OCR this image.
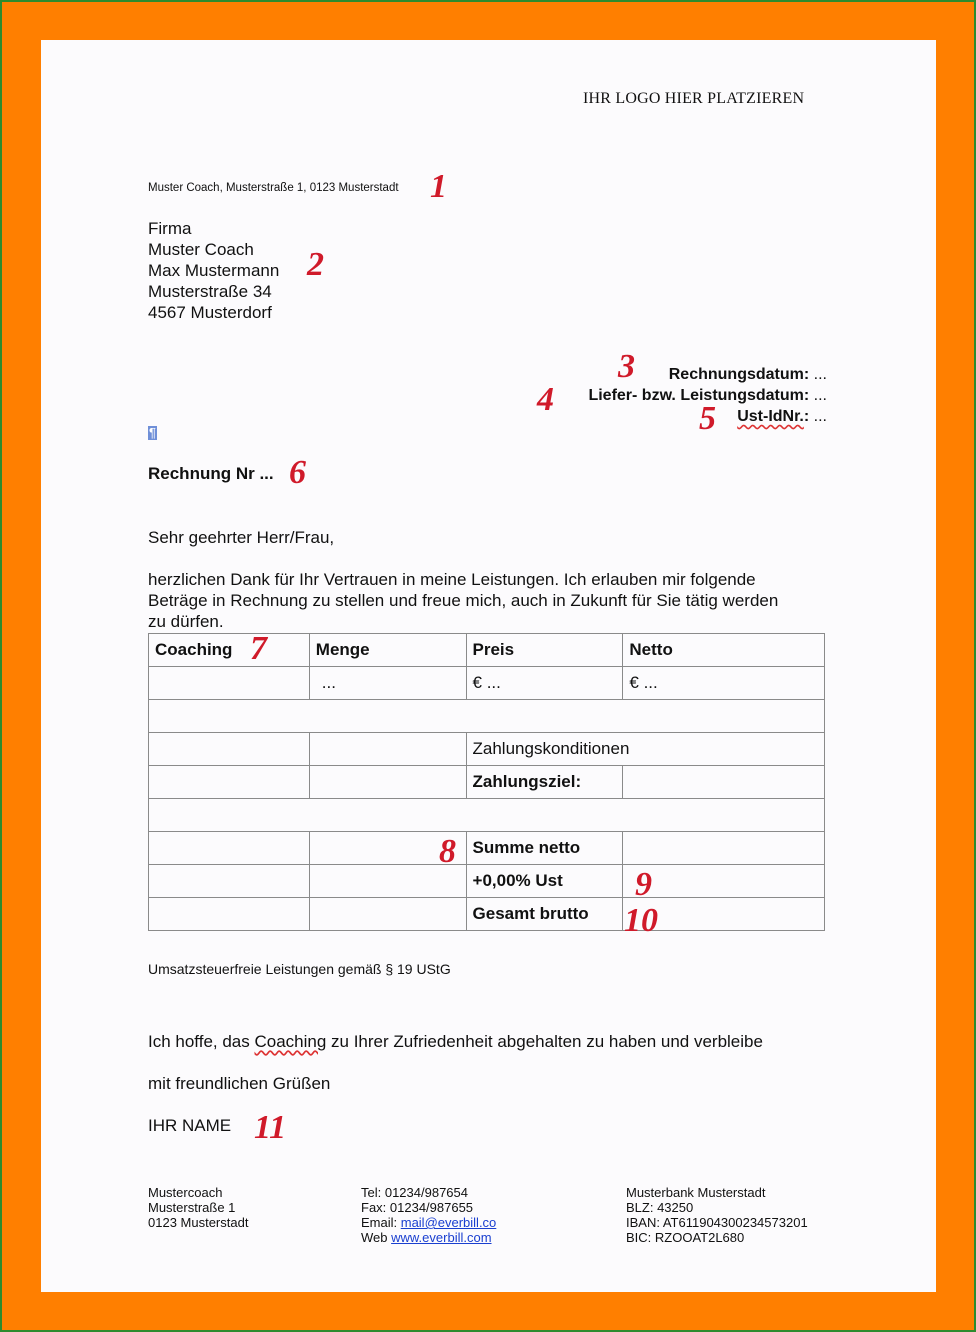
IHR LOGO HIER PLATZIEREN
Muster Coach, Musterstraße 1, 0123 Musterstadt 1
Firma
Muster Coach
Max Mustermann
Musterstraße 34
4567 Musterdorf
2
Rechnungsdatum: ...
3
Liefer- bzw. Leistungsdatum: ...
4	Ust-IdNr.: ...
5
¶
Rechnung Nr ... 6
Sehr geehrter Herr/Frau,
herzlichen Dank für Ihr Vertrauen in meine Leistungen. Ich erlauben mir folgende
Beträge in Rechnung zu stellen und freue mich, auch in Zukunft für Sie tätig werden
zu dürfen.
Coaching	Menge	Preis	Netto
	...	€ ...	€ ...

		Zahlungskonditionen	
		Zahlungsziel:	

		Summe netto	
		+0,00% Ust	
		Gesamt brutto	
7
8
9
10
Umsatzsteuerfreie Leistungen gemäß § 19 UStG
Ich hoffe, das Coaching zu Ihrer Zufriedenheit abgehalten zu haben und verbleibe
mit freundlichen Grüßen
IHR NAME 11
Mustercoach
Musterstraße 1
0123 Musterstadt
Tel: 01234/987654
Fax: 01234/987655
Email: mail@everbill.co
Web www.everbill.com
Musterbank Musterstadt
BLZ: 43250
IBAN: AT611904300234573201
BIC: RZOOAT2L680
